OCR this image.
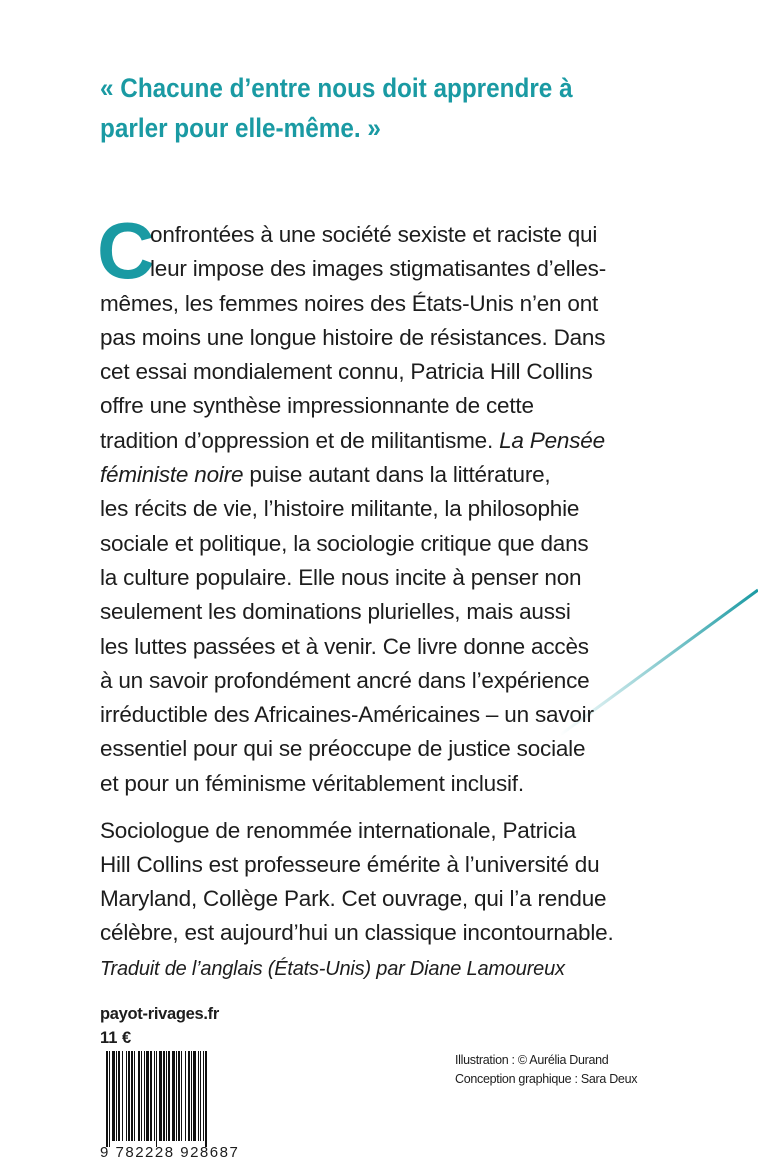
« Chacune d’entre nous doit apprendre à
parler pour elle-même. »
C
onfrontées à une société sexiste et raciste qui
leur impose des images stigmatisantes d’elles-
mêmes, les femmes noires des États-Unis n’en ont
pas moins une longue histoire de résistances. Dans
cet essai mondialement connu, Patricia Hill Collins
offre une synthèse impressionnante de cette
tradition d’oppression et de militantisme. La Pensée
féministe noire puise autant dans la littérature,
les récits de vie, l’histoire militante, la philosophie
sociale et politique, la sociologie critique que dans
la culture populaire. Elle nous incite à penser non
seulement les dominations plurielles, mais aussi
les luttes passées et à venir. Ce livre donne accès
à un savoir profondément ancré dans l’expérience
irréductible des Africaines-Américaines – un savoir
essentiel pour qui se préoccupe de justice sociale
et pour un féminisme véritablement inclusif.
Sociologue de renommée internationale, Patricia
Hill Collins est professeure émérite à l’université du
Maryland, Collège Park. Cet ouvrage, qui l’a rendue
célèbre, est aujourd’hui un classique incontournable.
Traduit de l’anglais (États-Unis) par Diane Lamoureux
payot-rivages.fr
11 €
9 782228 928687
Illustration : © Aurélia Durand
Conception graphique : Sara Deux
